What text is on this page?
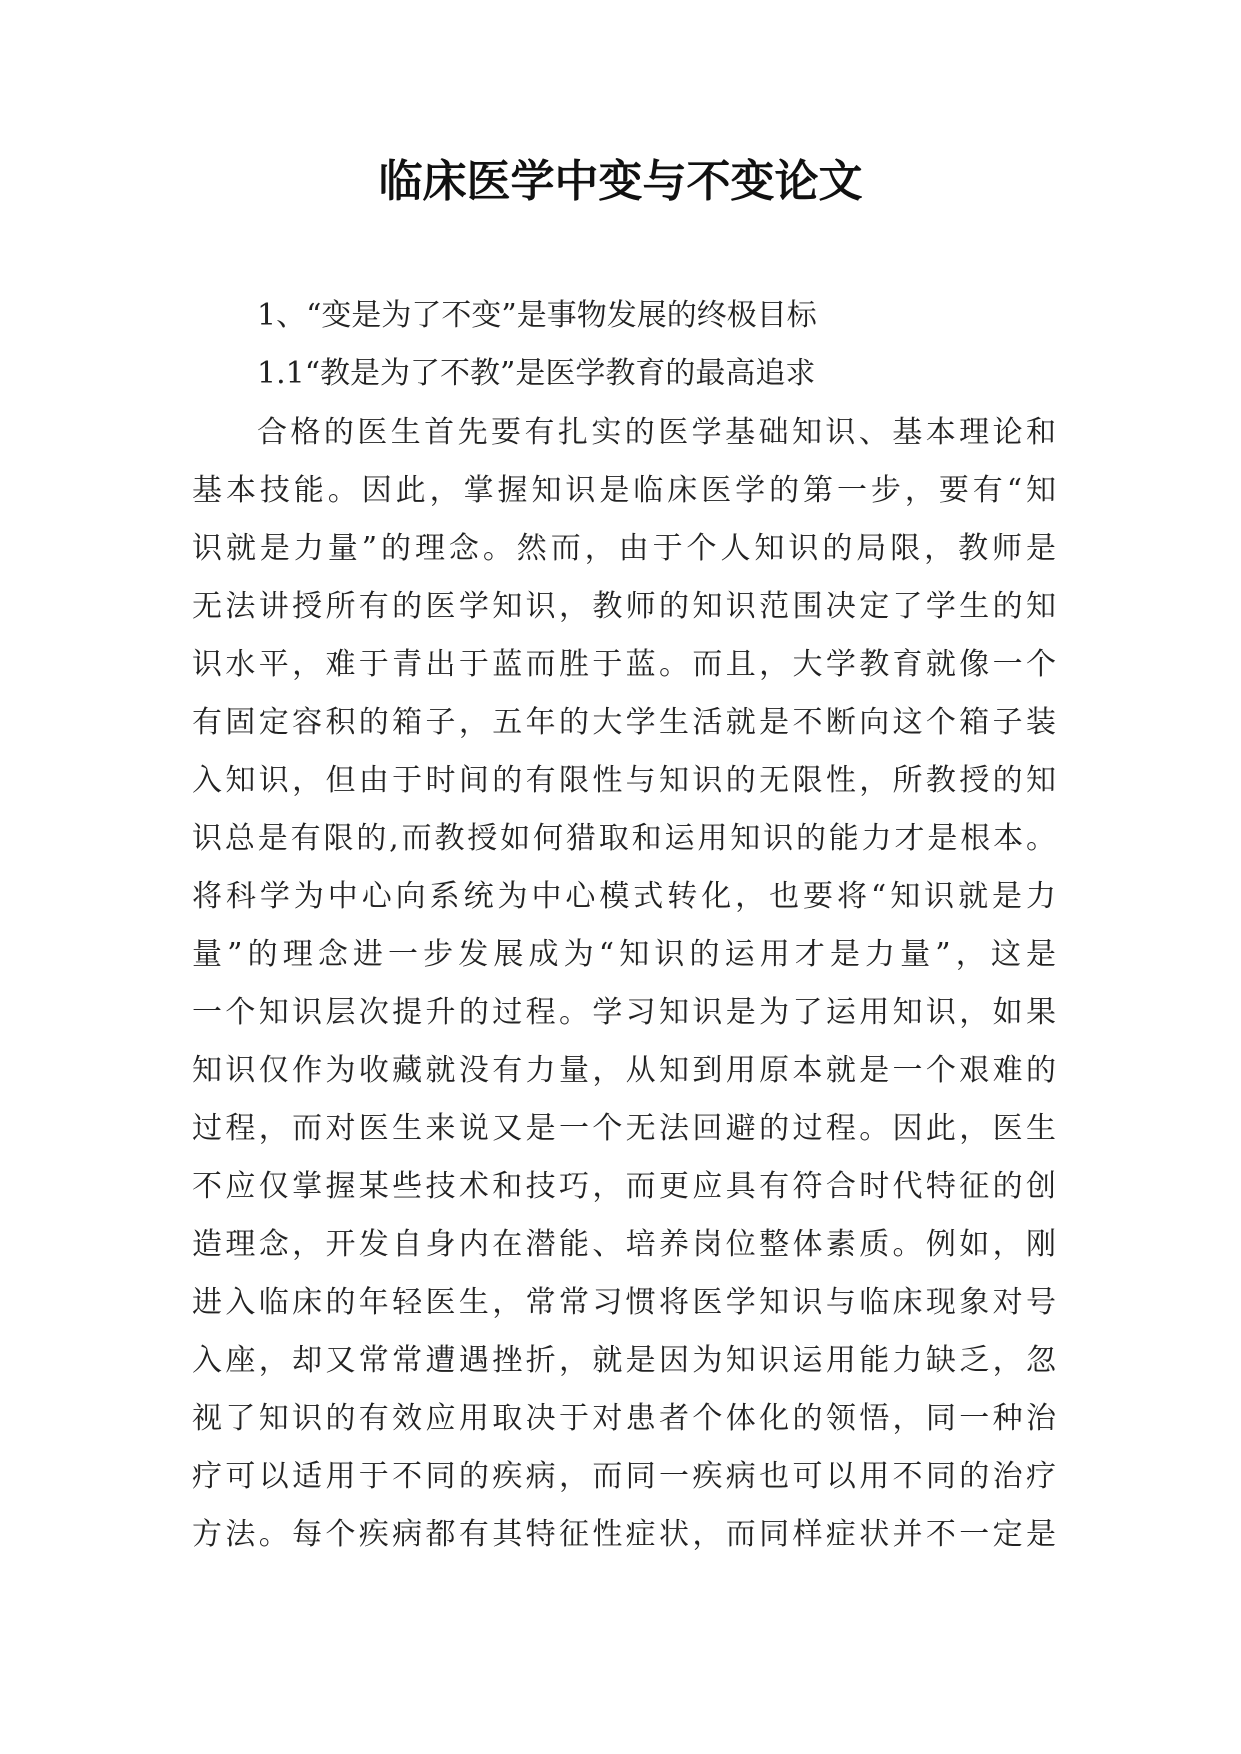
临床医学中变与不变论文

1、“变是为了不变”是事物发展的终极目标

1.1“教是为了不教”是医学教育的最高追求

合格的医生首先要有扎实的医学基础知识、基本理论和
基本技能。因此，掌握知识是临床医学的第一步，要有“知
识就是力量”的理念。然而，由于个人知识的局限，教师是
无法讲授所有的医学知识，教师的知识范围决定了学生的知
识水平，难于青出于蓝而胜于蓝。而且，大学教育就像一个
有固定容积的箱子，五年的大学生活就是不断向这个箱子装
入知识，但由于时间的有限性与知识的无限性，所教授的知
识总是有限的,而教授如何猎取和运用知识的能力才是根本。
将科学为中心向系统为中心模式转化，也要将“知识就是力
量”的理念进一步发展成为“知识的运用才是力量”，这是
一个知识层次提升的过程。学习知识是为了运用知识，如果
知识仅作为收藏就没有力量，从知到用原本就是一个艰难的
过程，而对医生来说又是一个无法回避的过程。因此，医生
不应仅掌握某些技术和技巧，而更应具有符合时代特征的创
造理念，开发自身内在潜能、培养岗位整体素质。例如，刚
进入临床的年轻医生，常常习惯将医学知识与临床现象对号
入座，却又常常遭遇挫折，就是因为知识运用能力缺乏，忽
视了知识的有效应用取决于对患者个体化的领悟，同一种治
疗可以适用于不同的疾病，而同一疾病也可以用不同的治疗
方法。每个疾病都有其特征性症状，而同样症状并不一定是
